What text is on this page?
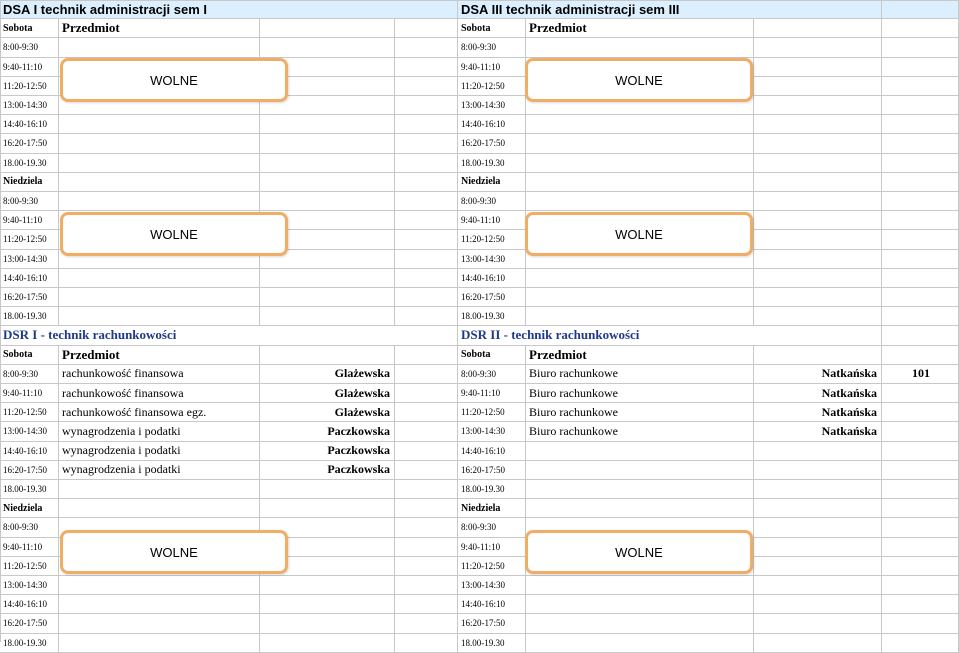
DSA I technik administracji sem I	DSA III technik administracji sem III
Sobota	Przedmiot	Sobota	Przedmiot
8:00-9:30	8:00-9:30
9:40-11:10	9:40-11:10
11:20-12:50	11:20-12:50
13:00-14:30	13:00-14:30
14:40-16:10	14:40-16:10
16:20-17:50	16:20-17:50
18.00-19.30	18.00-19.30
Niedziela	Niedziela
8:00-9:30	8:00-9:30
9:40-11:10	9:40-11:10
11:20-12:50	11:20-12:50
13:00-14:30	13:00-14:30
14:40-16:10	14:40-16:10
16:20-17:50	16:20-17:50
18.00-19.30	18.00-19.30
DSR I - technik rachunkowości	DSR II - technik rachunkowości
Sobota	Przedmiot	Sobota	Przedmiot
8:00-9:30	rachunkowość finansowa	Glażewska	8:00-9:30	Biuro rachunkowe	Natkańska	101
9:40-11:10	rachunkowość finansowa	Glażewska	9:40-11:10	Biuro rachunkowe	Natkańska
11:20-12:50	rachunkowość finansowa egz.	Glażewska	11:20-12:50	Biuro rachunkowe	Natkańska
13:00-14:30	wynagrodzenia i podatki	Paczkowska	13:00-14:30	Biuro rachunkowe	Natkańska
14:40-16:10	wynagrodzenia i podatki	Paczkowska	14:40-16:10
16:20-17:50	wynagrodzenia i podatki	Paczkowska	16:20-17:50
18.00-19.30	18.00-19.30
Niedziela	Niedziela
8:00-9:30	8:00-9:30
9:40-11:10	9:40-11:10
11:20-12:50	11:20-12:50
13:00-14:30	13:00-14:30
14:40-16:10	14:40-16:10
16:20-17:50	16:20-17:50
18.00-19.30	18.00-19.30
WOLNE	WOLNE
WOLNE	WOLNE
WOLNE	WOLNE
